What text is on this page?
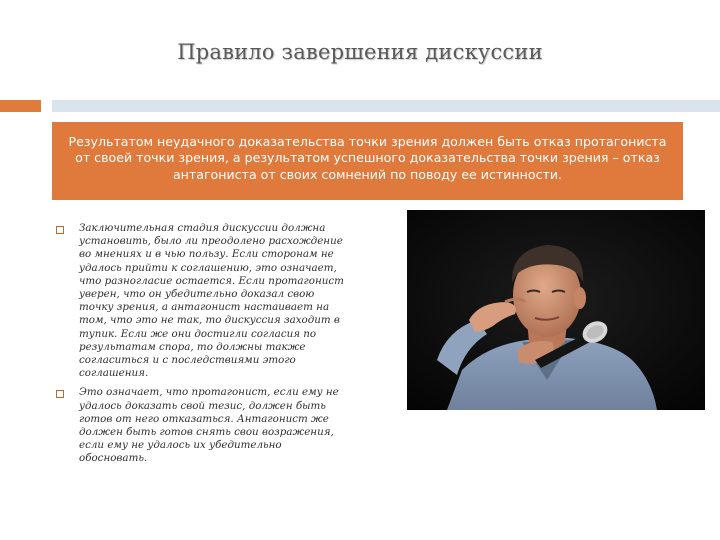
Правило завершения дискуссии
Результатом неудачного доказательства точки зрения должен быть отказ протагониста от своей точки зрения, а результатом успешного доказательства точки зрения – отказ антагониста от своих сомнений по поводу ее истинности.
Заключительная стадия дискуссии должна установить, было ли преодолено расхождение во мнениях и в чью пользу. Если сторонам не удалось прийти к соглашению, это означает, что разногласие остается. Если протагонист уверен, что он убедительно доказал свою точку зрения, а антагонист настаивает на том, что это не так, то дискуссия заходит в тупик. Если же они достигли согласия по результатам спора, то должны также согласиться и с последствиями этого соглашения.
Это означает, что протагонист, если ему не удалось доказать свой тезис, должен быть готов от него отказаться. Антагонист же должен быть готов снять свои возражения, если ему не удалось их убедительно обосновать.
